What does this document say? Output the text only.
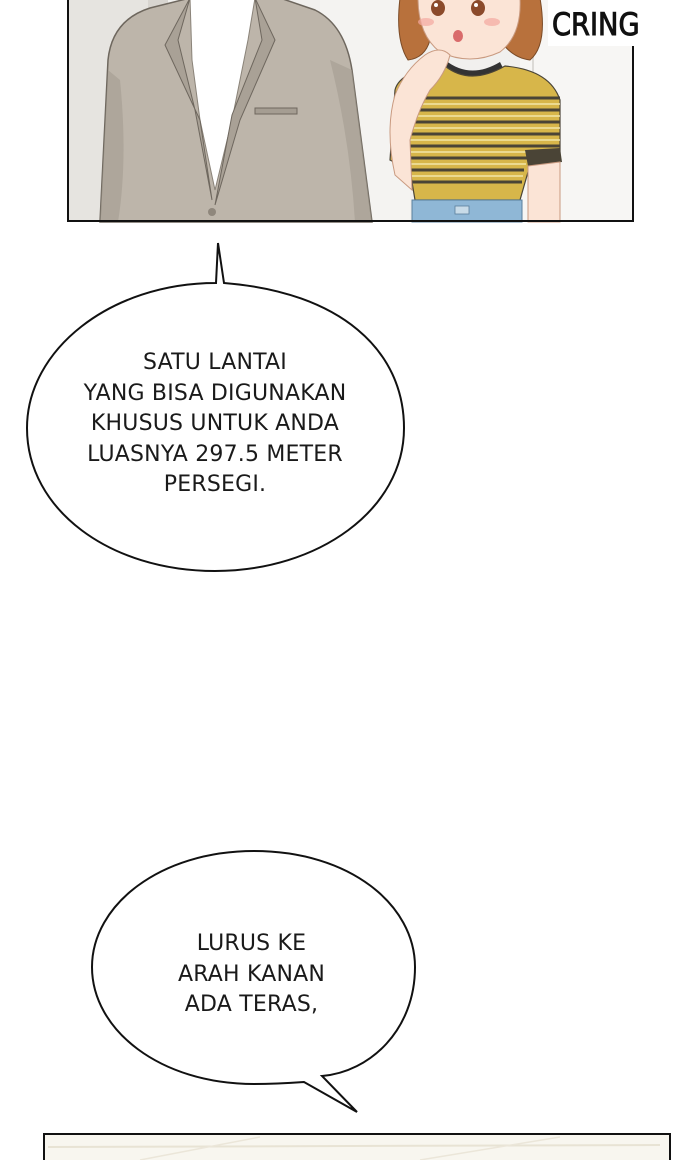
CRING
SATU LANTAI
YANG BISA DIGUNAKAN
KHUSUS UNTUK ANDA
LUASNYA 297.5 METER
PERSEGI.
LURUS KE
ARAH KANAN
ADA TERAS,
